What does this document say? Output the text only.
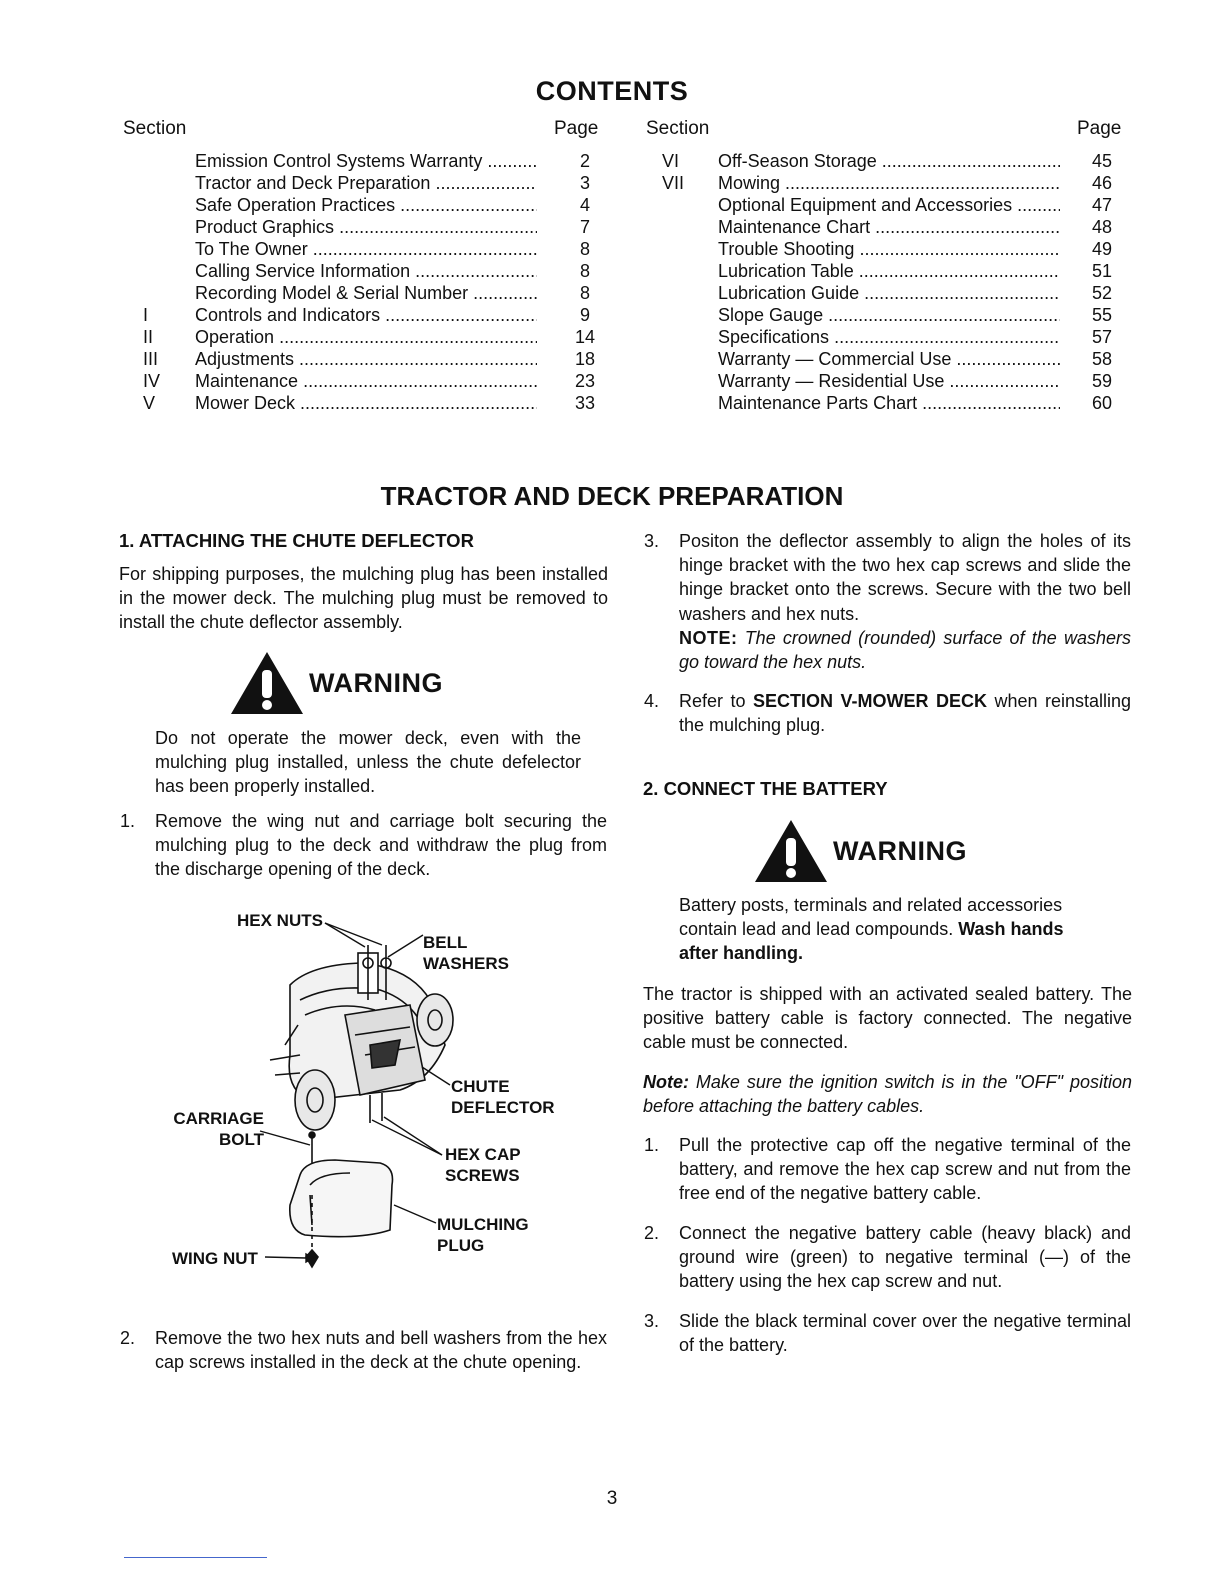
CONTENTS
Section	Page	Section	Page
Emission Control Systems Warranty .....	2
Tractor and Deck Preparation .....	3
Safe Operation Practices .....	4
Product Graphics .....	7
To The Owner .....	8
Calling Service Information .....	8
Recording Model & Serial Number .....	8
I	Controls and Indicators .....	9
II	Operation .....	14
III	Adjustments .....	18
IV	Maintenance .....	23
V	Mower Deck .....	33
VI	Off-Season Storage .....	45
VII	Mowing .....	46
Optional Equipment and Accessories .....	47
Maintenance Chart .....	48
Trouble Shooting .....	49
Lubrication Table .....	51
Lubrication Guide .....	52
Slope Gauge .....	55
Specifications .....	57
Warranty — Commercial Use .....	58
Warranty — Residential Use .....	59
Maintenance Parts Chart .....	60
TRACTOR AND DECK PREPARATION
1. ATTACHING THE CHUTE DEFLECTOR
For shipping purposes, the mulching plug has been installed in the mower deck. The mulching plug must be removed to install the chute deflector assembly.
WARNING
Do not operate the mower deck, even with the mulching plug installed, unless the chute defelector has been properly installed.
1. Remove the wing nut and carriage bolt securing the mulching plug to the deck and withdraw the plug from the discharge opening of the deck.
HEX NUTS
BELL WASHERS
CHUTE DEFLECTOR
CARRIAGE BOLT
HEX CAP SCREWS
MULCHING PLUG
WING NUT
2. Remove the two hex nuts and bell washers from the hex cap screws installed in the deck at the chute opening.
3. Positon the deflector assembly to align the holes of its hinge bracket with the two hex cap screws and slide the hinge bracket onto the screws. Secure with the two bell washers and hex nuts.
NOTE: The crowned (rounded) surface of the washers go toward the hex nuts.
4. Refer to SECTION V-MOWER DECK when reinstalling the mulching plug.
2. CONNECT THE BATTERY
WARNING
Battery posts, terminals and related accessories contain lead and lead compounds. Wash hands after handling.
The tractor is shipped with an activated sealed battery. The positive battery cable is factory connected. The negative cable must be connected.
Note: Make sure the ignition switch is in the "OFF" position before attaching the battery cables.
1. Pull the protective cap off the negative terminal of the battery, and remove the hex cap screw and nut from the free end of the negative battery cable.
2. Connect the negative battery cable (heavy black) and ground wire (green) to negative terminal (—) of the battery using the hex cap screw and nut.
3. Slide the black terminal cover over the negative terminal of the battery.
3
